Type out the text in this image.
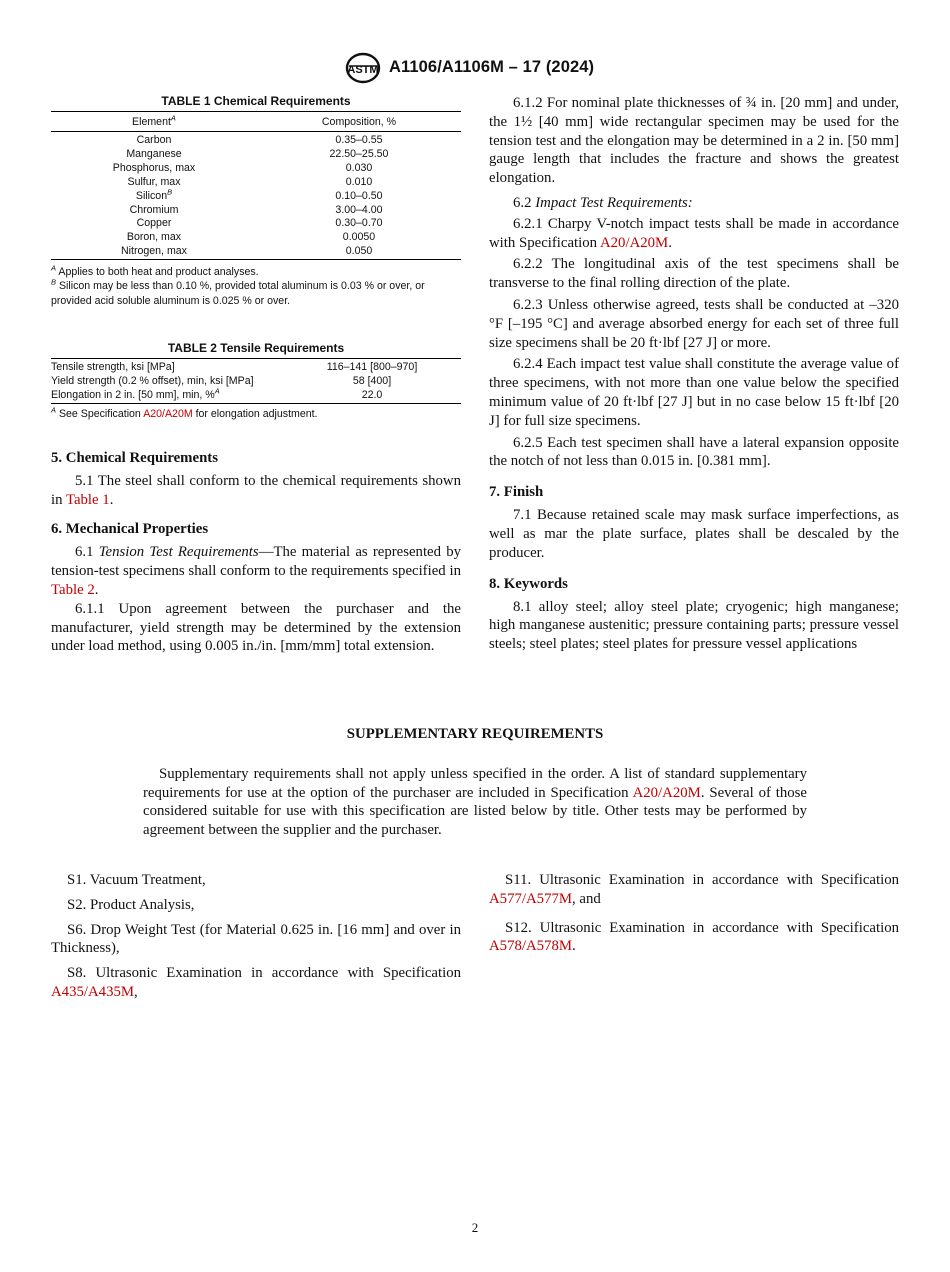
ASTM A1106/A1106M – 17 (2024)
TABLE 1 Chemical Requirements
Element$^A$	Composition, %
Carbon	0.35–0.55
Manganese	22.50–25.50
Phosphorus, max	0.030
Sulfur, max	0.010
Silicon$^B$	0.10–0.50
Chromium	3.00–4.00
Copper	0.30–0.70
Boron, max	0.0050
Nitrogen, max	0.050
$^A$ Applies to both heat and product analyses.
$^B$ Silicon may be less than 0.10 %, provided total aluminum is 0.03 % or over, or provided acid soluble aluminum is 0.025 % or over.
TABLE 2 Tensile Requirements
Tensile strength, ksi [MPa]	116–141 [800–970]
Yield strength (0.2 % offset), min, ksi [MPa]	58 [400]
Elongation in 2 in. [50 mm], min, %$^A$	22.0
$^A$ See Specification A20/A20M for elongation adjustment.
5. Chemical Requirements

5.1 The steel shall conform to the chemical requirements shown in Table 1.

6. Mechanical Properties

6.1 Tension Test Requirements—The material as represented by tension-test specimens shall conform to the requirements specified in Table 2.

6.1.1 Upon agreement between the purchaser and the manufacturer, yield strength may be determined by the extension under load method, using 0.005 in./in. [mm/mm] total extension.

6.1.2 For nominal plate thicknesses of ¾ in. [20 mm] and under, the 1½ [40 mm] wide rectangular specimen may be used for the tension test and the elongation may be determined in a 2 in. [50 mm] gauge length that includes the fracture and shows the greatest elongation.

6.2 Impact Test Requirements:

6.2.1 Charpy V-notch impact tests shall be made in accordance with Specification A20/A20M.

6.2.2 The longitudinal axis of the test specimens shall be transverse to the final rolling direction of the plate.

6.2.3 Unless otherwise agreed, tests shall be conducted at –320 °F [–195 °C] and average absorbed energy for each set of three full size specimens shall be 20 ft·lbf [27 J] or more.

6.2.4 Each impact test value shall constitute the average value of three specimens, with not more than one value below the specified minimum value of 20 ft·lbf [27 J] but in no case below 15 ft·lbf [20 J] for full size specimens.

6.2.5 Each test specimen shall have a lateral expansion opposite the notch of not less than 0.015 in. [0.381 mm].

7. Finish

7.1 Because retained scale may mask surface imperfections, as well as mar the plate surface, plates shall be descaled by the producer.

8. Keywords

8.1 alloy steel; alloy steel plate; cryogenic; high manganese; high manganese austenitic; pressure containing parts; pressure vessel steels; steel plates; steel plates for pressure vessel applications

SUPPLEMENTARY REQUIREMENTS

Supplementary requirements shall not apply unless specified in the order. A list of standard supplementary requirements for use at the option of the purchaser are included in Specification A20/A20M. Several of those considered suitable for use with this specification are listed below by title. Other tests may be performed by agreement between the supplier and the purchaser.

S1. Vacuum Treatment,

S2. Product Analysis,

S6. Drop Weight Test (for Material 0.625 in. [16 mm] and over in Thickness),

S8. Ultrasonic Examination in accordance with Specification A435/A435M,

S11. Ultrasonic Examination in accordance with Specification A577/A577M, and

S12. Ultrasonic Examination in accordance with Specification A578/A578M.

2
